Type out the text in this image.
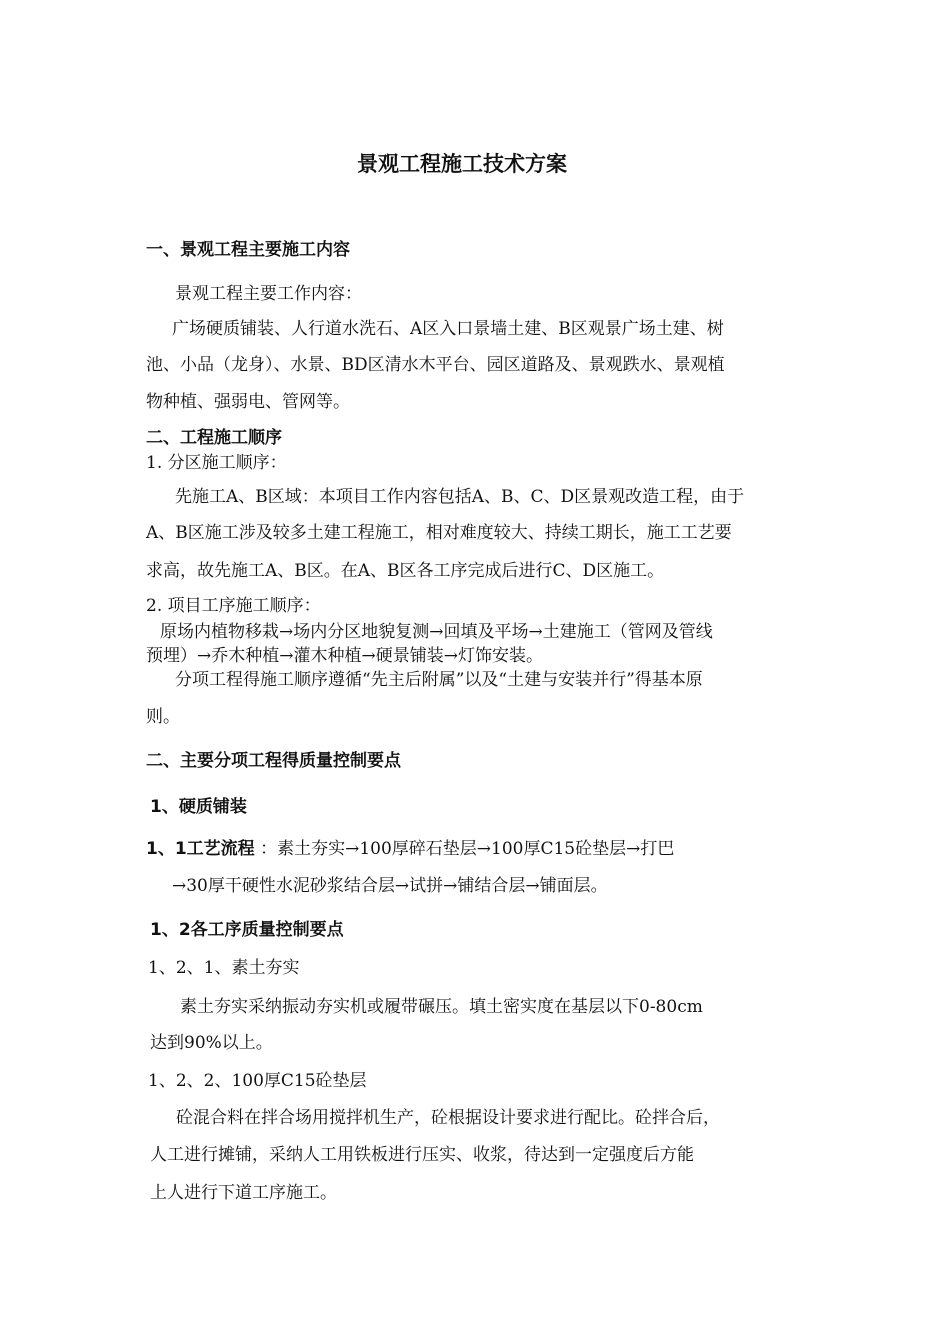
景观工程施工技术方案
一、景观工程主要施工内容
景观工程主要工作内容：
广场硬质铺装、人行道水洗石、A区入口景墙土建、B区观景广场土建、树
池、小品（龙身）、水景、BD区清水木平台、园区道路及、景观跌水、景观植
物种植、强弱电、管网等。
二、工程施工顺序
1. 分区施工顺序：
先施工A、B区域：本项目工作内容包括A、B、C、D区景观改造工程，由于
A、B区施工涉及较多土建工程施工，相对难度较大、持续工期长，施工工艺要
求高，故先施工A、B区。在A、B区各工序完成后进行C、D区施工。
2. 项目工序施工顺序：
原场内植物移栽→场内分区地貌复测→回填及平场→土建施工（管网及管线
预埋）→乔木种植→灌木种植→硬景铺装→灯饰安装。
分项工程得施工顺序遵循“先主后附属”以及“土建与安装并行”得基本原
则。
二、主要分项工程得质量控制要点
1、硬质铺装
1、1工艺流程 ：素土夯实→100厚碎石垫层→100厚C15砼垫层→打巴
→30厚干硬性水泥砂浆结合层→试拼→铺结合层→铺面层。
1、2各工序质量控制要点
1、2、1、素土夯实
素土夯实采纳振动夯实机或履带碾压。填土密实度在基层以下0-80cm
达到90%以上。
1、2、2、100厚C15砼垫层
砼混合料在拌合场用搅拌机生产，砼根据设计要求进行配比。砼拌合后，
人工进行摊铺，采纳人工用铁板进行压实、收浆，待达到一定强度后方能
上人进行下道工序施工。
